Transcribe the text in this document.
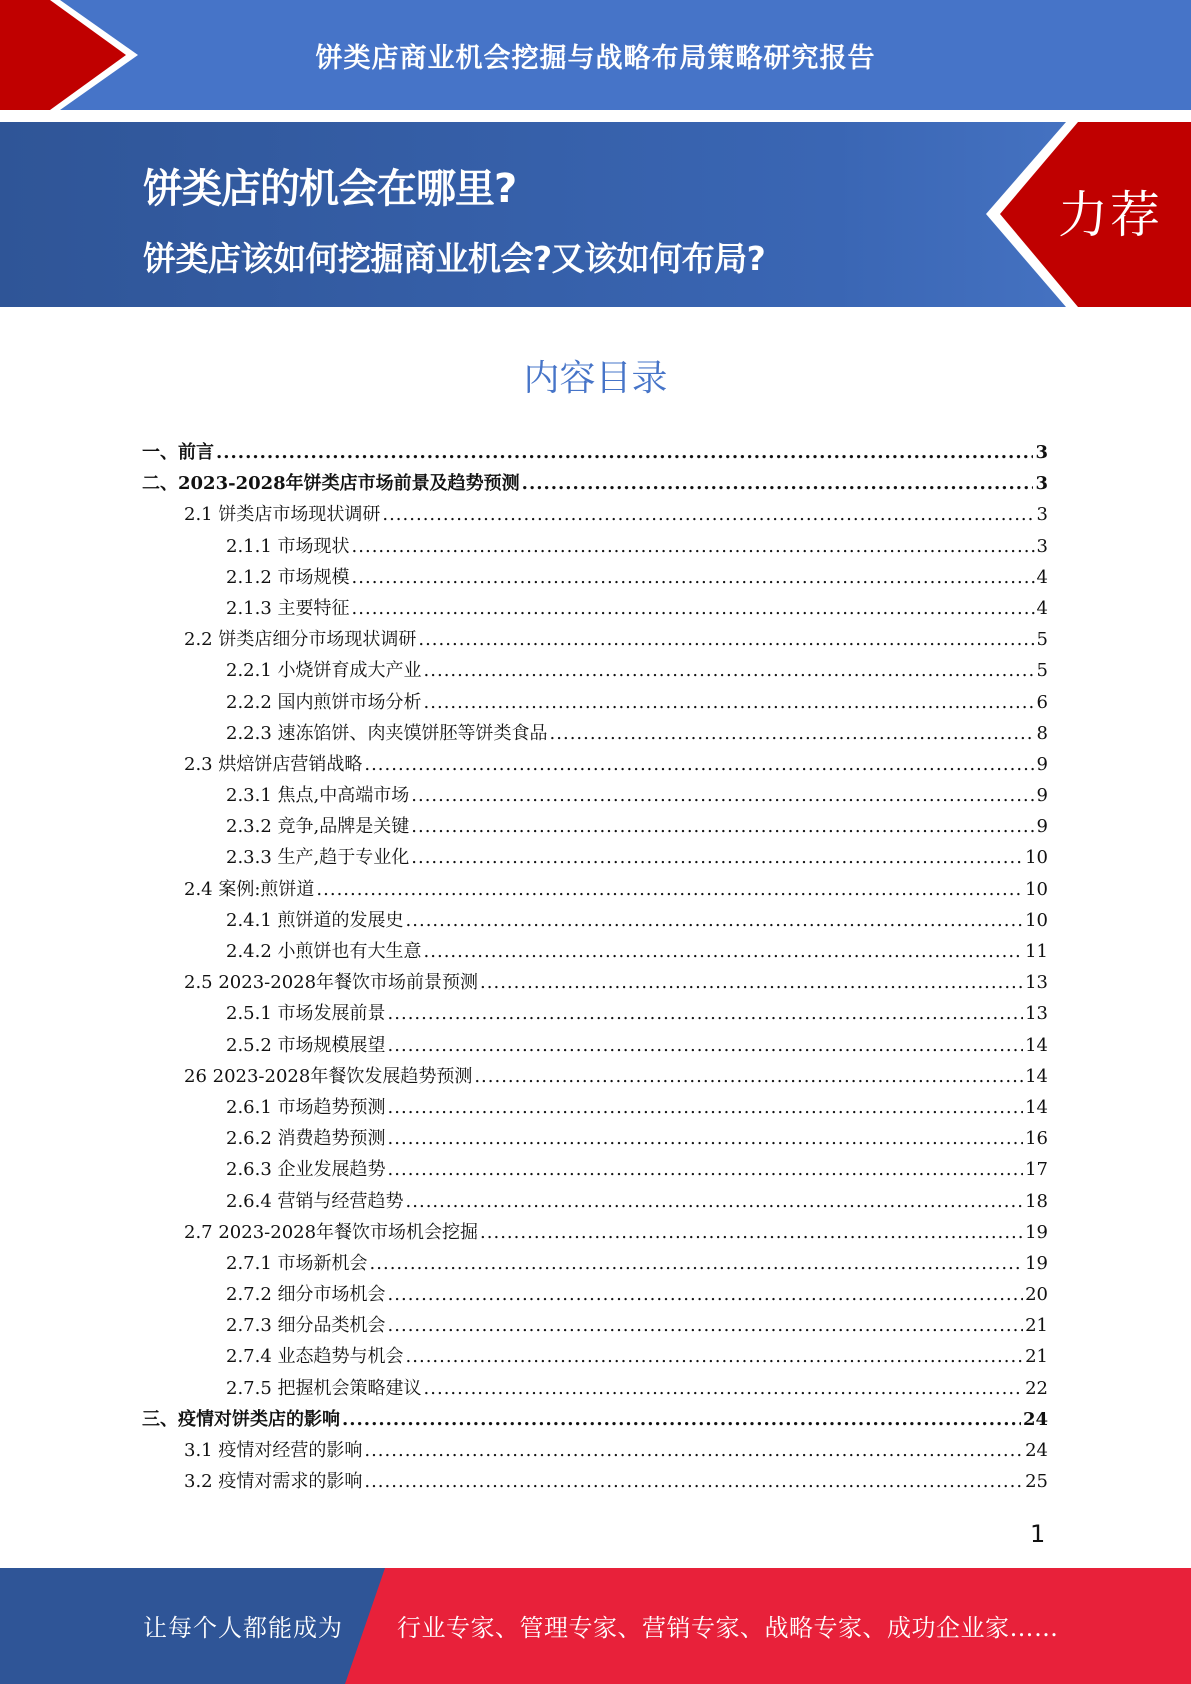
饼类店商业机会挖掘与战略布局策略研究报告
饼类店的机会在哪里?
饼类店该如何挖掘商业机会?又该如何布局?
力荐
内容目录
一、前言 .....	3
二、2023-2028年饼类店市场前景及趋势预测 .....	3
2.1 饼类店市场现状调研 .....	3
2.1.1 市场现状 .....	3
2.1.2 市场规模 .....	4
2.1.3 主要特征 .....	4
2.2 饼类店细分市场现状调研 .....	5
2.2.1 小烧饼育成大产业 .....	5
2.2.2 国内煎饼市场分析 .....	6
2.2.3 速冻馅饼、肉夹馍饼胚等饼类食品 .....	8
2.3 烘焙饼店营销战略 .....	9
2.3.1 焦点,中高端市场 .....	9
2.3.2 竞争,品牌是关键 .....	9
2.3.3 生产,趋于专业化 .....	10
2.4 案例:煎饼道 .....	10
2.4.1 煎饼道的发展史 .....	10
2.4.2 小煎饼也有大生意 .....	11
2.5 2023-2028年餐饮市场前景预测 .....	13
2.5.1 市场发展前景 .....	13
2.5.2 市场规模展望 .....	14
26 2023-2028年餐饮发展趋势预测 .....	14
2.6.1 市场趋势预测 .....	14
2.6.2 消费趋势预测 .....	16
2.6.3 企业发展趋势 .....	17
2.6.4 营销与经营趋势 .....	18
2.7 2023-2028年餐饮市场机会挖掘 .....	19
2.7.1 市场新机会 .....	19
2.7.2 细分市场机会 .....	20
2.7.3 细分品类机会 .....	21
2.7.4 业态趋势与机会 .....	21
2.7.5 把握机会策略建议 .....	22
三、疫情对饼类店的影响 .....	24
3.1 疫情对经营的影响 .....	24
3.2 疫情对需求的影响 .....	25
1
让每个人都能成为 行业专家、管理专家、营销专家、战略专家、成功企业家……
